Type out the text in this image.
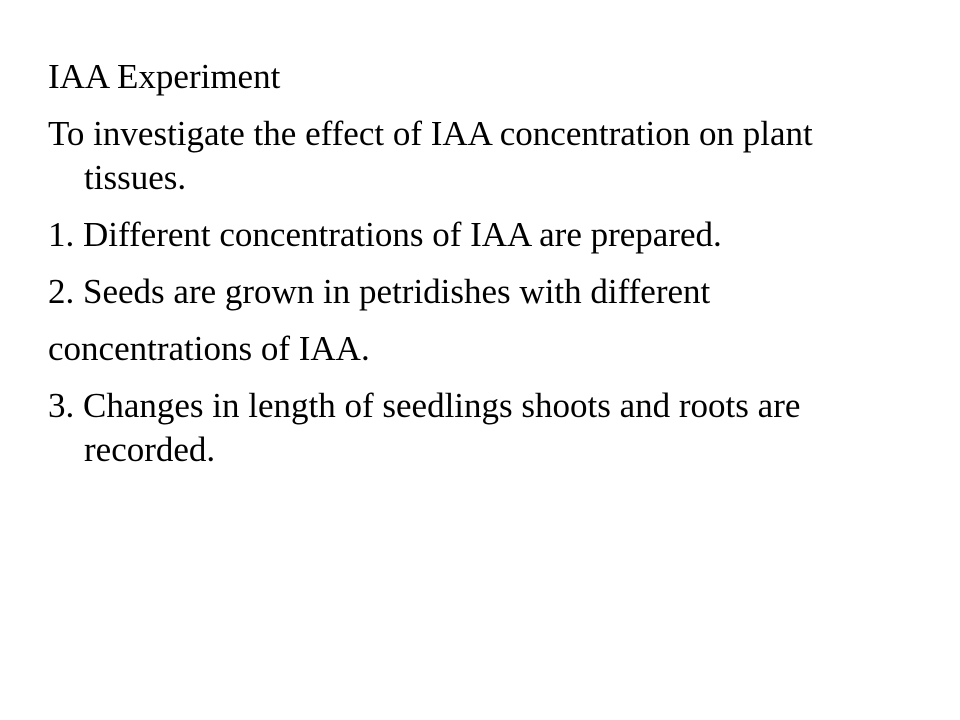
IAA Experiment

To investigate the effect of IAA concentration on plant tissues.

1. Different concentrations of IAA are prepared.

2. Seeds are grown in petridishes with different

concentrations of IAA.

3. Changes in length of seedlings shoots and roots are recorded.
